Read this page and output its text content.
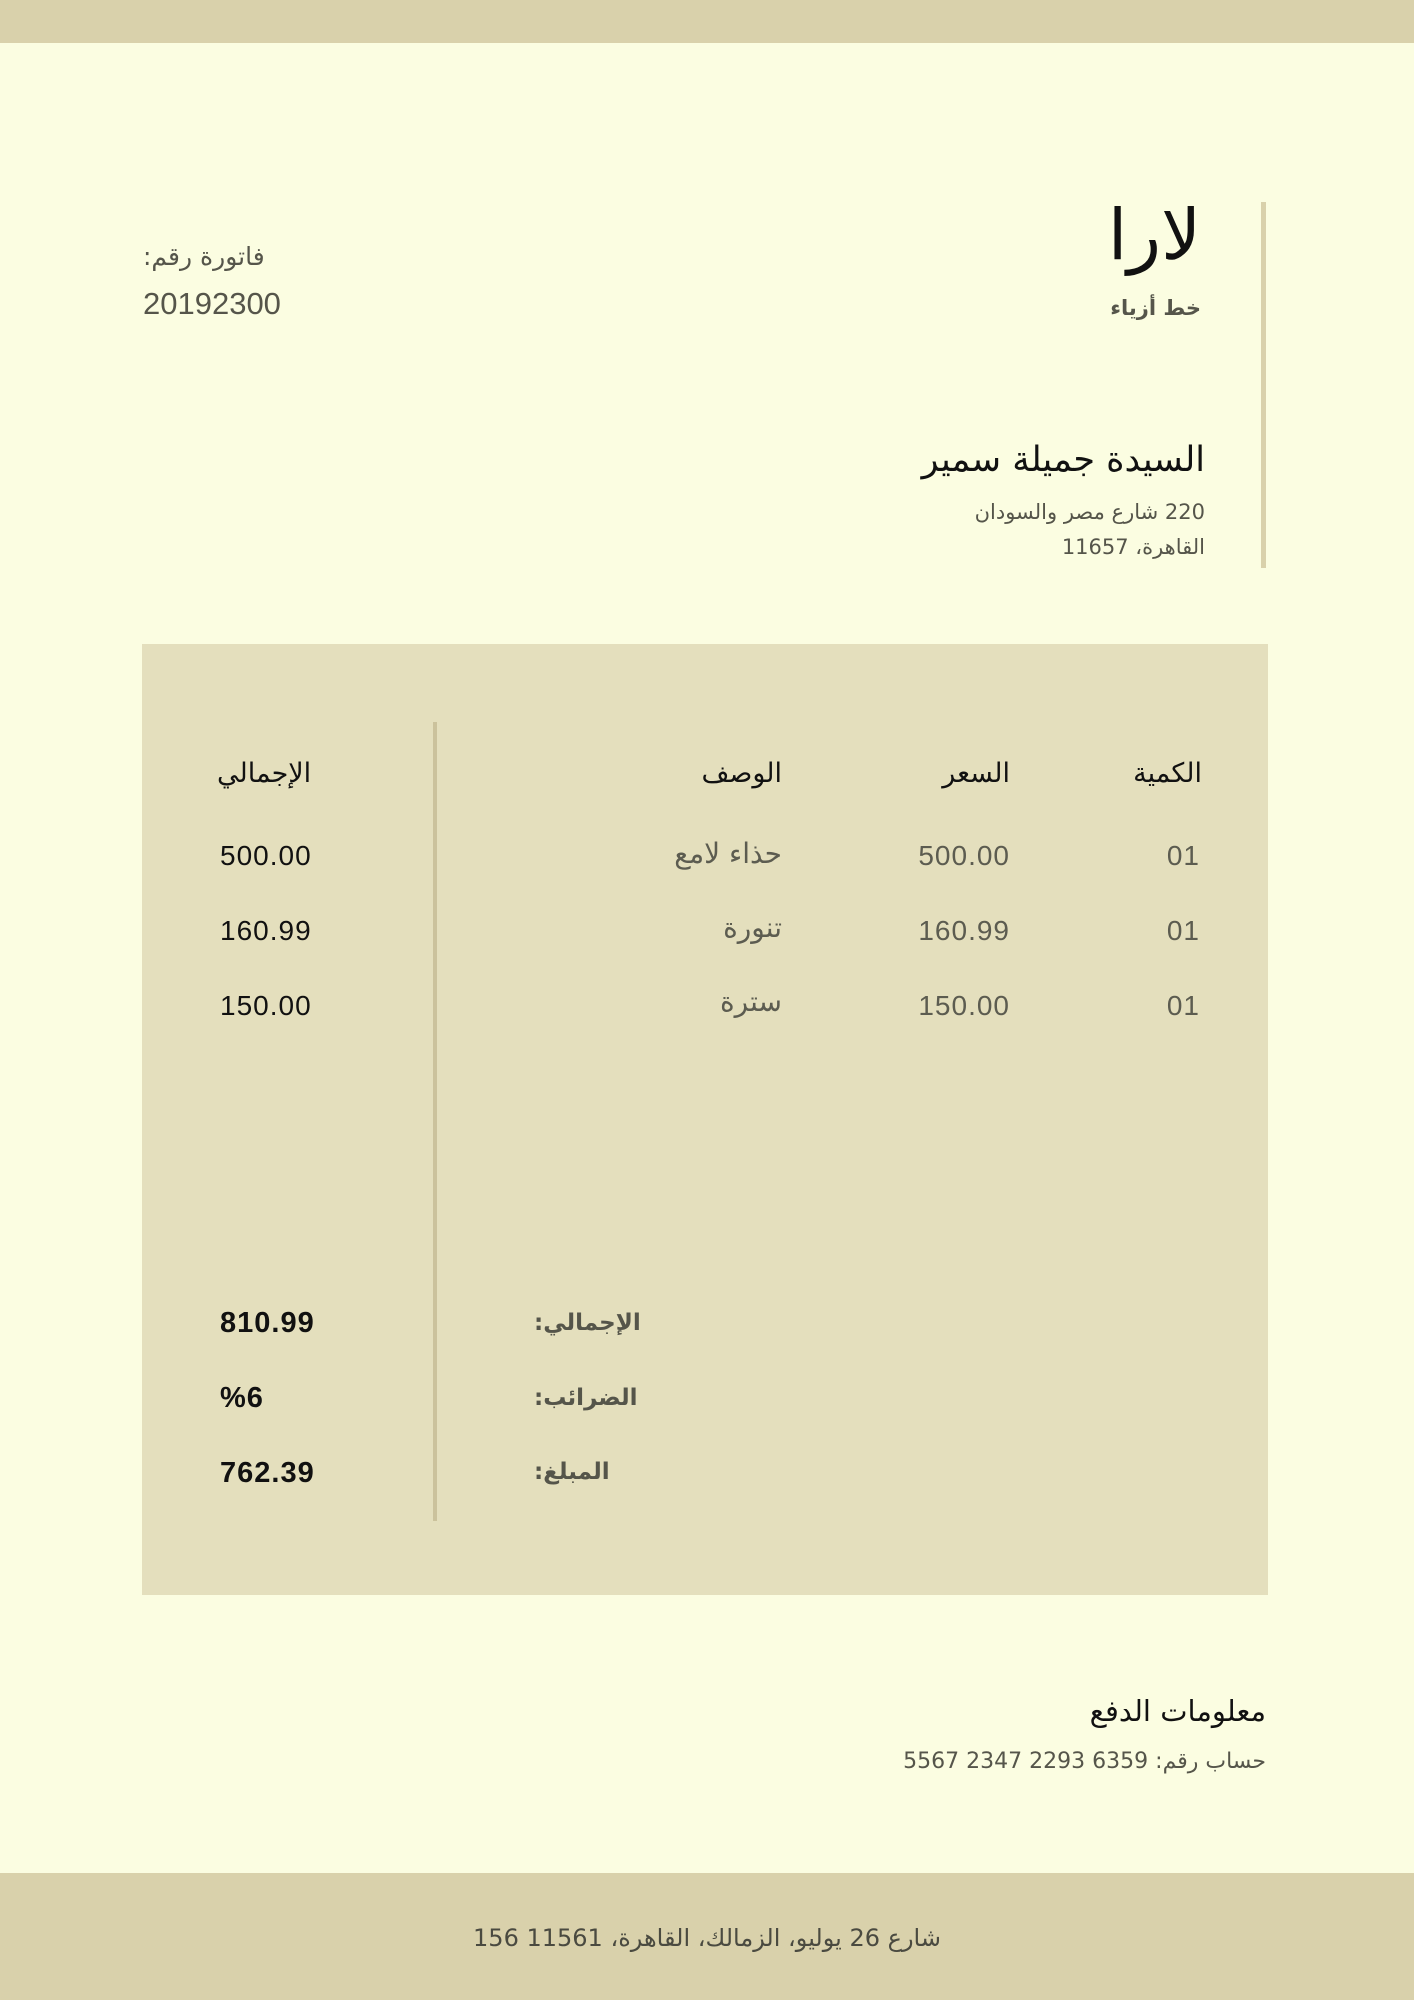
لارا
خط أزياء
فاتورة رقم:
20192300
السيدة جميلة سمير
220 شارع مصر والسودان
القاهرة، 11657
الكمية
السعر
الوصف
الإجمالي
01
500.00
حذاء لامع
500.00
01
160.99
تنورة
160.99
01
150.00
سترة
150.00
الإجمالي:
810.99
الضرائب:
%6
المبلغ:
762.39
معلومات الدفع
حساب رقم: 6359 2293 2347 5567
156 شارع 26 يوليو، الزمالك، القاهرة، 11561
